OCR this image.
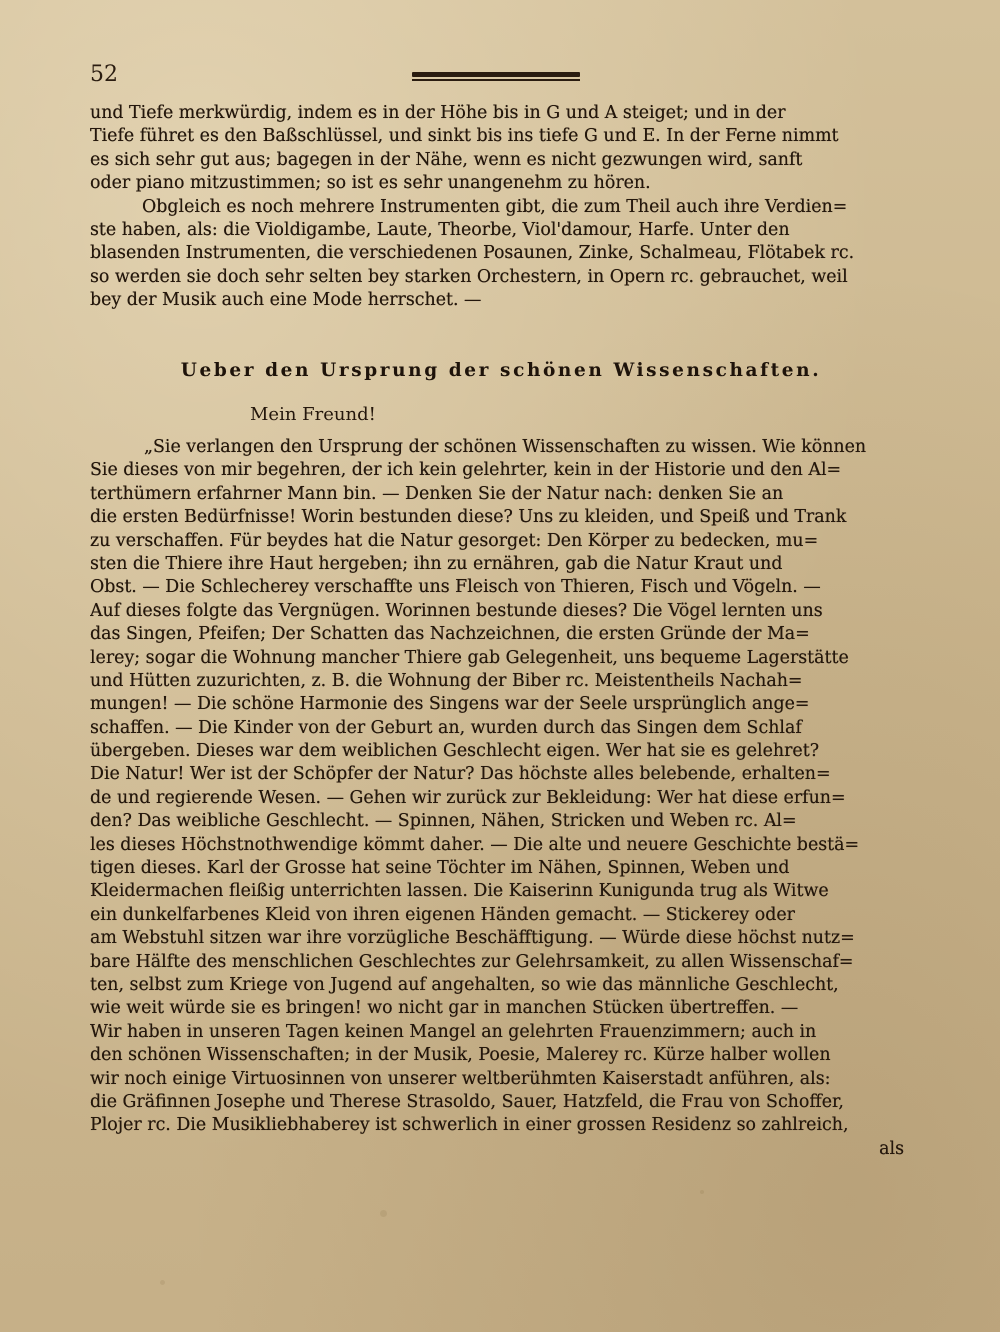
52
und Tiefe merkwürdig, indem es in der Höhe bis in G und A steiget; und in der
Tiefe führet es den Baßschlüssel, und sinkt bis ins tiefe G und E. In der Ferne nimmt
es sich sehr gut aus; bagegen in der Nähe, wenn es nicht gezwungen wird, sanft
oder piano mitzustimmen; so ist es sehr unangenehm zu hören.
Obgleich es noch mehrere Instrumenten gibt, die zum Theil auch ihre Verdien=
ste haben, als: die Violdigambe, Laute, Theorbe, Viol'damour, Harfe. Unter den
blasenden Instrumenten, die verschiedenen Posaunen, Zinke, Schalmeau, Flötabek rc.
so werden sie doch sehr selten bey starken Orchestern, in Opern rc. gebrauchet, weil
bey der Musik auch eine Mode herrschet. —
Ueber den Ursprung der schönen Wissenschaften.
Mein Freund!
„Sie verlangen den Ursprung der schönen Wissenschaften zu wissen. Wie können
Sie dieses von mir begehren, der ich kein gelehrter, kein in der Historie und den Al=
terthümern erfahrner Mann bin. — Denken Sie der Natur nach: denken Sie an
die ersten Bedürfnisse! Worin bestunden diese? Uns zu kleiden, und Speiß und Trank
zu verschaffen. Für beydes hat die Natur gesorget: Den Körper zu bedecken, mu=
sten die Thiere ihre Haut hergeben; ihn zu ernähren, gab die Natur Kraut und
Obst. — Die Schlecherey verschaffte uns Fleisch von Thieren, Fisch und Vögeln. —
Auf dieses folgte das Vergnügen. Worinnen bestunde dieses? Die Vögel lernten uns
das Singen, Pfeifen; Der Schatten das Nachzeichnen, die ersten Gründe der Ma=
lerey; sogar die Wohnung mancher Thiere gab Gelegenheit, uns bequeme Lagerstätte
und Hütten zuzurichten, z. B. die Wohnung der Biber rc. Meistentheils Nachah=
mungen! — Die schöne Harmonie des Singens war der Seele ursprünglich ange=
schaffen. — Die Kinder von der Geburt an, wurden durch das Singen dem Schlaf
übergeben. Dieses war dem weiblichen Geschlecht eigen. Wer hat sie es gelehret?
Die Natur! Wer ist der Schöpfer der Natur? Das höchste alles belebende, erhalten=
de und regierende Wesen. — Gehen wir zurück zur Bekleidung: Wer hat diese erfun=
den? Das weibliche Geschlecht. — Spinnen, Nähen, Stricken und Weben rc. Al=
les dieses Höchstnothwendige kömmt daher. — Die alte und neuere Geschichte bestä=
tigen dieses. Karl der Grosse hat seine Töchter im Nähen, Spinnen, Weben und
Kleidermachen fleißig unterrichten lassen. Die Kaiserinn Kunigunda trug als Witwe
ein dunkelfarbenes Kleid von ihren eigenen Händen gemacht. — Stickerey oder
am Webstuhl sitzen war ihre vorzügliche Beschäfftigung. — Würde diese höchst nutz=
bare Hälfte des menschlichen Geschlechtes zur Gelehrsamkeit, zu allen Wissenschaf=
ten, selbst zum Kriege von Jugend auf angehalten, so wie das männliche Geschlecht,
wie weit würde sie es bringen! wo nicht gar in manchen Stücken übertreffen. —
Wir haben in unseren Tagen keinen Mangel an gelehrten Frauenzimmern; auch in
den schönen Wissenschaften; in der Musik, Poesie, Malerey rc. Kürze halber wollen
wir noch einige Virtuosinnen von unserer weltberühmten Kaiserstadt anführen, als:
die Gräfinnen Josephe und Therese Strasoldo, Sauer, Hatzfeld, die Frau von Schoffer,
Plojer rc. Die Musikliebhaberey ist schwerlich in einer grossen Residenz so zahlreich,
als
